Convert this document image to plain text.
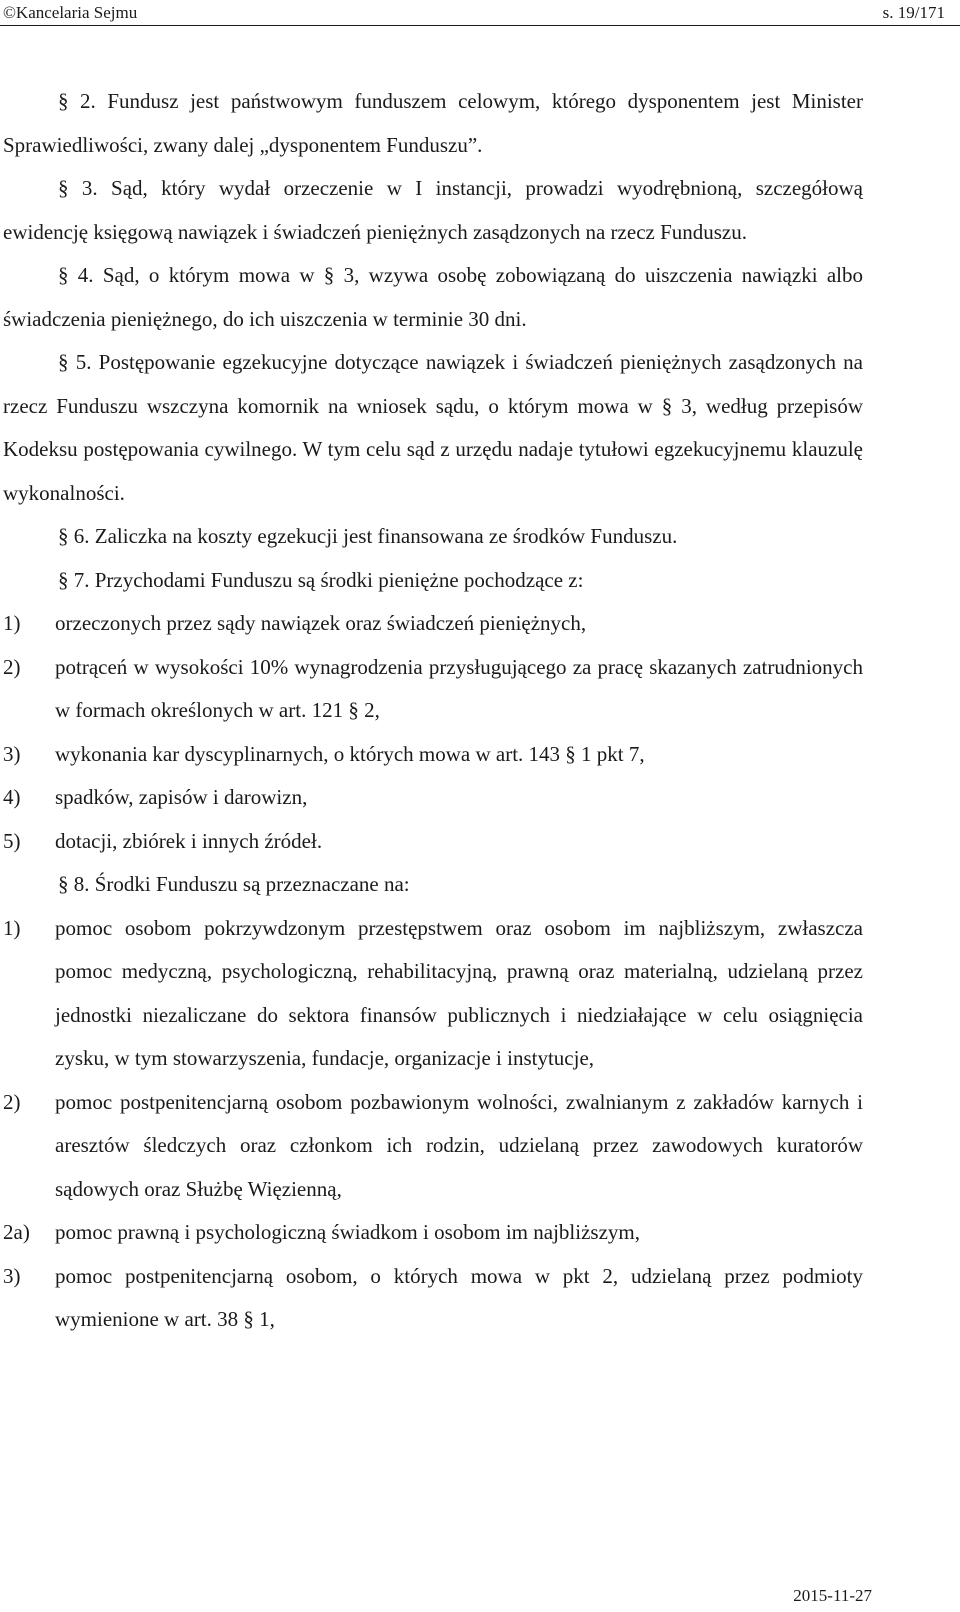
©Kancelaria Sejmu	s. 19/171

§ 2. Fundusz jest państwowym funduszem celowym, którego dysponentem jest Minister Sprawiedliwości, zwany dalej „dysponentem Funduszu”.

§ 3. Sąd, który wydał orzeczenie w I instancji, prowadzi wyodrębnioną, szczegółową ewidencję księgową nawiązek i świadczeń pieniężnych zasądzonych na rzecz Funduszu.

§ 4. Sąd, o którym mowa w § 3, wzywa osobę zobowiązaną do uiszczenia nawiązki albo świadczenia pieniężnego, do ich uiszczenia w terminie 30 dni.

§ 5. Postępowanie egzekucyjne dotyczące nawiązek i świadczeń pieniężnych zasądzonych na rzecz Funduszu wszczyna komornik na wniosek sądu, o którym mowa w § 3, według przepisów Kodeksu postępowania cywilnego. W tym celu sąd z urzędu nadaje tytułowi egzekucyjnemu klauzulę wykonalności.

§ 6. Zaliczka na koszty egzekucji jest finansowana ze środków Funduszu.

§ 7. Przychodami Funduszu są środki pieniężne pochodzące z:

1) orzeczonych przez sądy nawiązek oraz świadczeń pieniężnych,
2) potrąceń w wysokości 10% wynagrodzenia przysługującego za pracę skazanych zatrudnionych w formach określonych w art. 121 § 2,
3) wykonania kar dyscyplinarnych, o których mowa w art. 143 § 1 pkt 7,
4) spadków, zapisów i darowizn,
5) dotacji, zbiórek i innych źródeł.

§ 8. Środki Funduszu są przeznaczane na:

1) pomoc osobom pokrzywdzonym przestępstwem oraz osobom im najbliższym, zwłaszcza pomoc medyczną, psychologiczną, rehabilitacyjną, prawną oraz materialną, udzielaną przez jednostki niezaliczane do sektora finansów publicznych i niedziałające w celu osiągnięcia zysku, w tym stowarzyszenia, fundacje, organizacje i instytucje,
2) pomoc postpenitencjarną osobom pozbawionym wolności, zwalnianym z zakładów karnych i aresztów śledczych oraz członkom ich rodzin, udzielaną przez zawodowych kuratorów sądowych oraz Służbę Więzienną,
2a) pomoc prawną i psychologiczną świadkom i osobom im najbliższym,
3) pomoc postpenitencjarną osobom, o których mowa w pkt 2, udzielaną przez podmioty wymienione w art. 38 § 1,
2015-11-27
